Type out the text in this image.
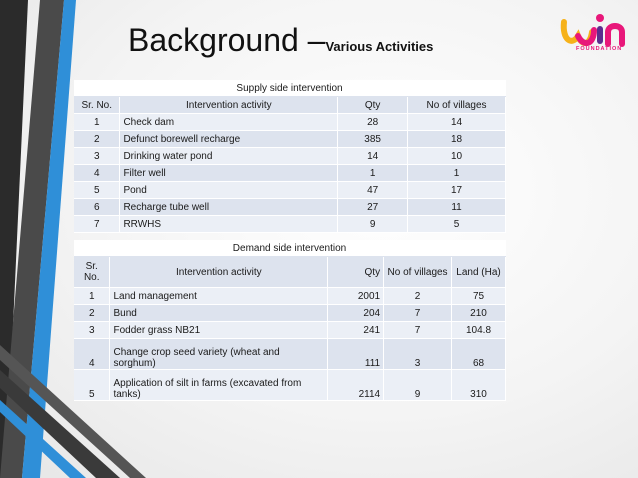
Background –Various Activities	FOUNDATION
Supply side intervention			
Sr. No.	Intervention activity	Qty	No of villages
1	Check dam	28	14
2	Defunct borewell recharge	385	18
3	Drinking water pond	14	10
4	Filter well	1	1
5	Pond	47	17
6	Recharge tube well	27	11
7	RRWHS	9	5
Demand side intervention				
Sr. No.	Intervention activity	Qty	No of villages	Land (Ha)
1	Land management	2001	2	75
2	Bund	204	7	210
3	Fodder grass NB21	241	7	104.8
4	Change crop seed variety (wheat and sorghum)	111	3	68
5	Application of silt in farms (excavated from tanks)	2114	9	310
